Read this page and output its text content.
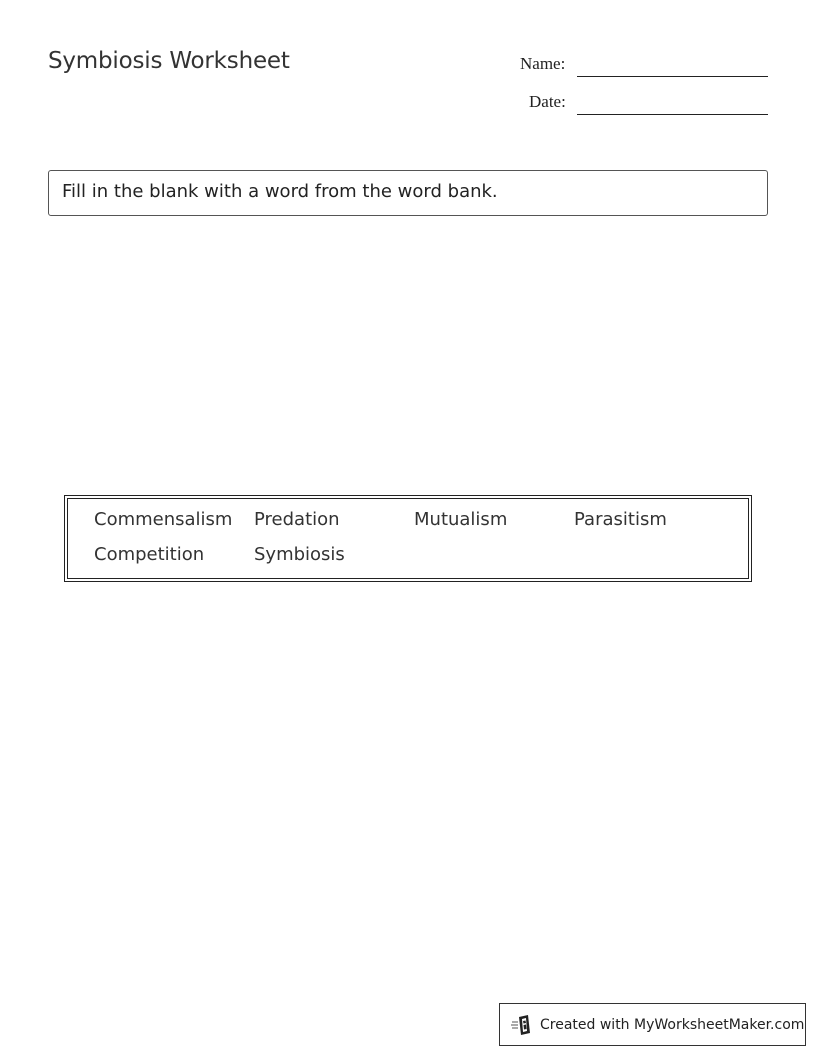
Symbiosis Worksheet	Name:
Date:
Fill in the blank with a word from the word bank.
Commensalism	Predation	Mutualism	Parasitism
Competition	Symbiosis
Created with MyWorksheetMaker.com
